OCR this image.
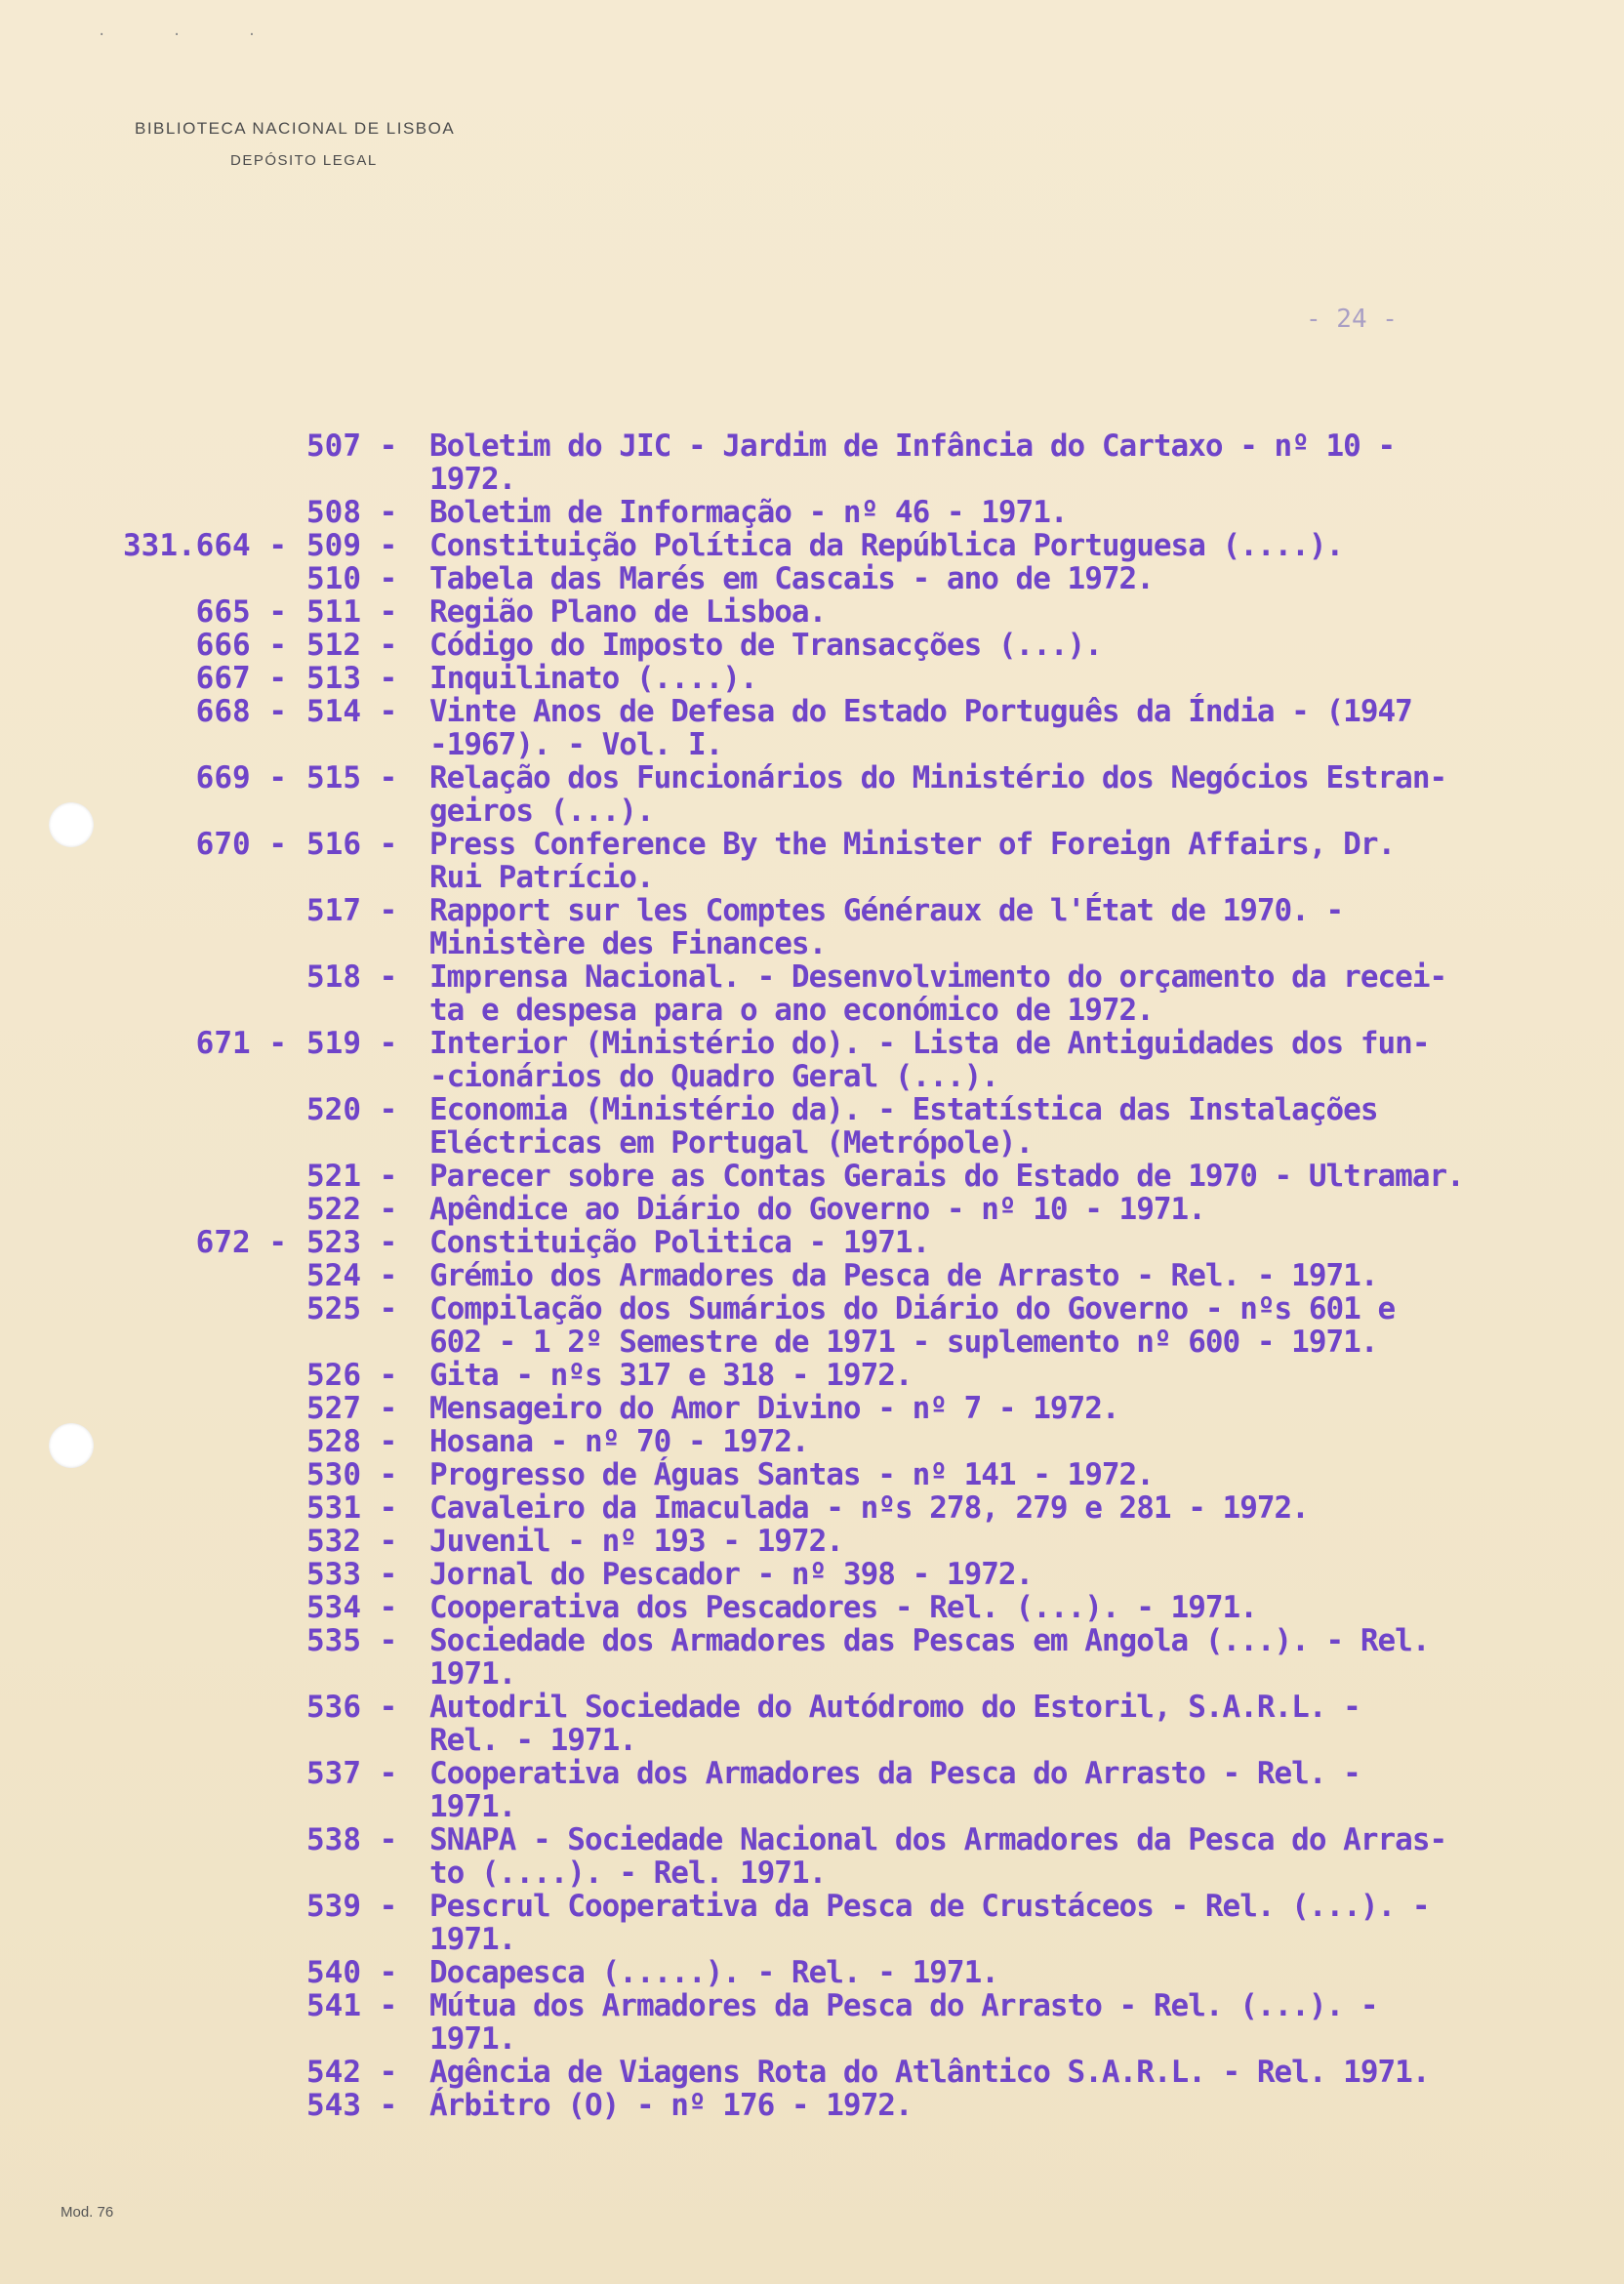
· · ·
BIBLIOTECA NACIONAL DE LISBOA
DEPÓSITO LEGAL
- 24 -
507 -	Boletim do JIC - Jardim de Infância do Cartaxo - nº 10 -
1972.
508 -	Boletim de Informação - nº 46 - 1971.
331.664 - 509 -	Constituição Política da República Portuguesa (....).
510 -	Tabela das Marés em Cascais - ano de 1972.
665 - 511 -	Região Plano de Lisboa.
666 - 512 -	Código do Imposto de Transacções (...).
667 - 513 -	Inquilinato (....).
668 - 514 -	Vinte Anos de Defesa do Estado Português da Índia - (1947
-1967). - Vol. I.
669 - 515 -	Relação dos Funcionários do Ministério dos Negócios Estran-
geiros (...).
670 - 516 -	Press Conference By the Minister of Foreign Affairs, Dr.
Rui Patrício.
517 -	Rapport sur les Comptes Généraux de l'État de 1970. -
Ministère des Finances.
518 -	Imprensa Nacional. - Desenvolvimento do orçamento da recei-
ta e despesa para o ano económico de 1972.
671 - 519 -	Interior (Ministério do). - Lista de Antiguidades dos fun-
-cionários do Quadro Geral (...).
520 -	Economia (Ministério da). - Estatística das Instalações
Eléctricas em Portugal (Metrópole).
521 -	Parecer sobre as Contas Gerais do Estado de 1970 - Ultramar.
522 -	Apêndice ao Diário do Governo - nº 10 - 1971.
672 - 523 -	Constituição Politica - 1971.
524 -	Grémio dos Armadores da Pesca de Arrasto - Rel. - 1971.
525 -	Compilação dos Sumários do Diário do Governo - nºs 601 e
602 - 1 2º Semestre de 1971 - suplemento nº 600 - 1971.
526 -	Gita - nºs 317 e 318 - 1972.
527 -	Mensageiro do Amor Divino - nº 7 - 1972.
528 -	Hosana - nº 70 - 1972.
530 -	Progresso de Águas Santas - nº 141 - 1972.
531 -	Cavaleiro da Imaculada - nºs 278, 279 e 281 - 1972.
532 -	Juvenil - nº 193 - 1972.
533 -	Jornal do Pescador - nº 398 - 1972.
534 -	Cooperativa dos Pescadores - Rel. (...). - 1971.
535 -	Sociedade dos Armadores das Pescas em Angola (...). - Rel.
1971.
536 -	Autodril Sociedade do Autódromo do Estoril, S.A.R.L. -
Rel. - 1971.
537 -	Cooperativa dos Armadores da Pesca do Arrasto - Rel. -
1971.
538 -	SNAPA - Sociedade Nacional dos Armadores da Pesca do Arras-
to (....). - Rel. 1971.
539 -	Pescrul Cooperativa da Pesca de Crustáceos - Rel. (...). -
1971.
540 -	Docapesca (.....). - Rel. - 1971.
541 -	Mútua dos Armadores da Pesca do Arrasto - Rel. (...). -
1971.
542 -	Agência de Viagens Rota do Atlântico S.A.R.L. - Rel. 1971.
543 -	Árbitro (O) - nº 176 - 1972.
Mod. 76
